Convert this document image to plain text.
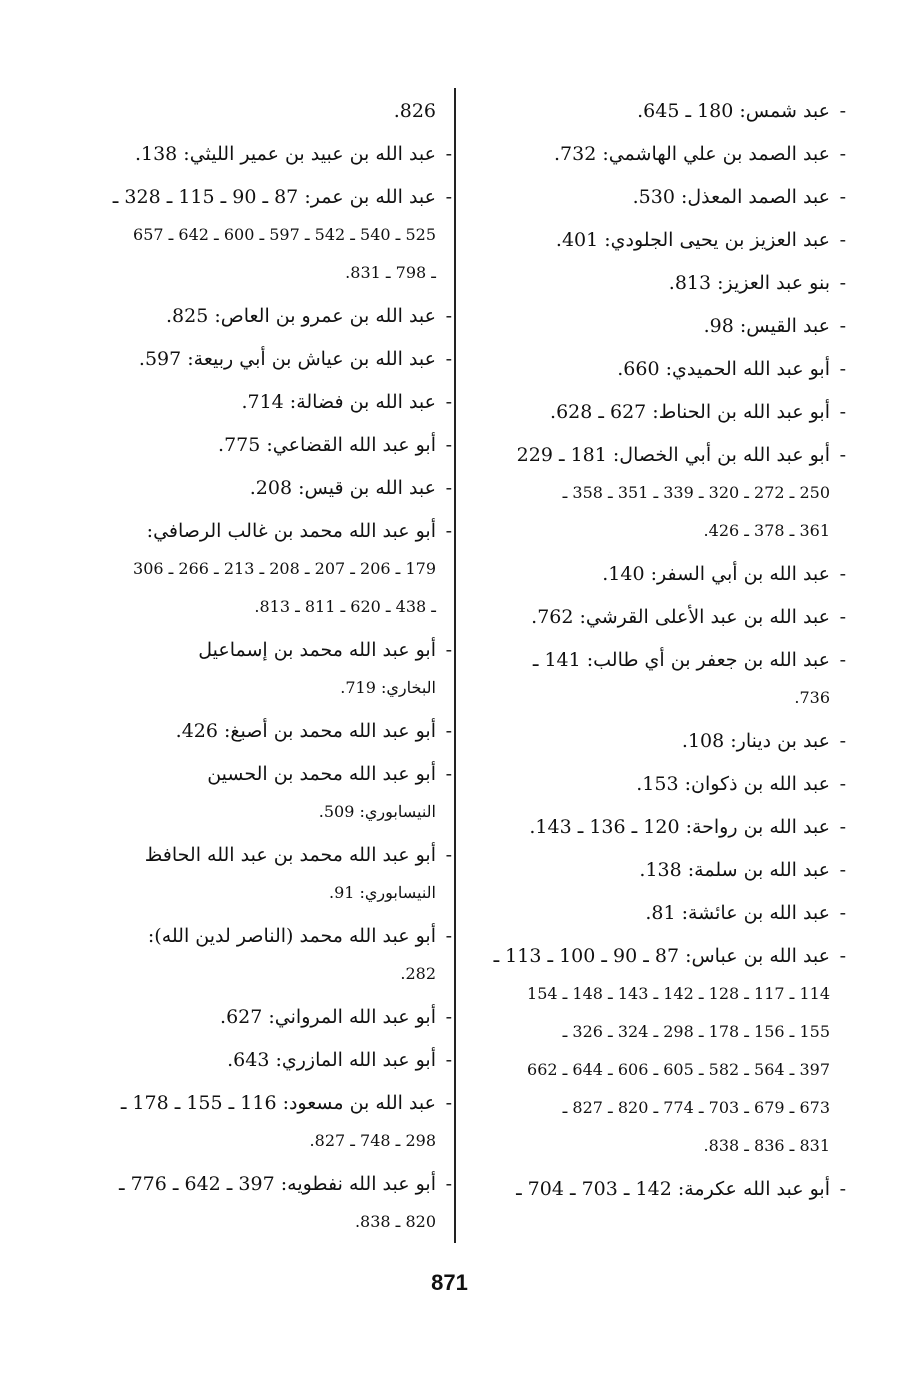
-
عبد شمس: 180 ـ 645.
-
عبد الصمد بن علي الهاشمي: 732.
-
عبد الصمد المعذل: 530.
-
عبد العزيز بن يحيى الجلودي: 401.
-
بنو عبد العزيز: 813.
-
عبد القيس: 98.
-
أبو عبد الله الحميدي: 660.
-
أبو عبد الله بن الحناط: 627 ـ 628.
-
أبو عبد الله بن أبي الخصال: 181 ـ 229
250 ـ 272 ـ 320 ـ 339 ـ 351 ـ 358 ـ
361 ـ 378 ـ 426.
-
عبد الله بن أبي السفر: 140.
-
عبد الله بن عبد الأعلى القرشي: 762.
-
عبد الله بن جعفر بن أي طالب: 141 ـ
736.
-
عبد بن دينار: 108.
-
عبد الله بن ذكوان: 153.
-
عبد الله بن رواحة: 120 ـ 136 ـ 143.
-
عبد الله بن سلمة: 138.
-
عبد الله بن عائشة: 81.
-
عبد الله بن عباس: 87 ـ 90 ـ 100 ـ 113 ـ
114 ـ 117 ـ 128 ـ 142 ـ 143 ـ 148 ـ 154
155 ـ 156 ـ 178 ـ 298 ـ 324 ـ 326 ـ
397 ـ 564 ـ 582 ـ 605 ـ 606 ـ 644 ـ 662
673 ـ 679 ـ 703 ـ 774 ـ 820 ـ 827 ـ
831 ـ 836 ـ 838.
-
أبو عبد الله عكرمة: 142 ـ 703 ـ 704 ـ
826.
-
عبد الله بن عبيد بن عمير الليثي: 138.
-
عبد الله بن عمر: 87 ـ 90 ـ 115 ـ 328 ـ
525 ـ 540 ـ 542 ـ 597 ـ 600 ـ 642 ـ 657
ـ 798 ـ 831.
-
عبد الله بن عمرو بن العاص: 825.
-
عبد الله بن عياش بن أبي ربيعة: 597.
-
عبد الله بن فضالة: 714.
-
أبو عبد الله القضاعي: 775.
-
عبد الله بن قيس: 208.
-
أبو عبد الله محمد بن غالب الرصافي:
179 ـ 206 ـ 207 ـ 208 ـ 213 ـ 266 ـ 306
ـ 438 ـ 620 ـ 811 ـ 813.
-
أبو عبد الله محمد بن إسماعيل
البخاري: 719.
-
أبو عبد الله محمد بن أصبغ: 426.
-
أبو عبد الله محمد بن الحسين
النيسابوري: 509.
-
أبو عبد الله محمد بن عبد الله الحافظ
النيسابوري: 91.
-
أبو عبد الله محمد (الناصر لدين الله):
282.
-
أبو عبد الله المرواني: 627.
-
أبو عبد الله المازري: 643.
-
عبد الله بن مسعود: 116 ـ 155 ـ 178 ـ
298 ـ 748 ـ 827.
-
أبو عبد الله نفطويه: 397 ـ 642 ـ 776 ـ
820 ـ 838.
871
